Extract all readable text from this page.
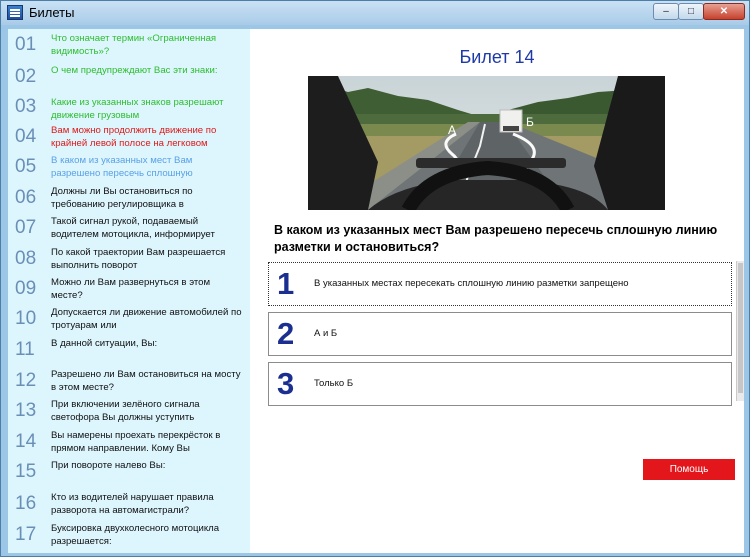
Билеты	‒	□	✕
01 Что означает термин «Ограниченная видимость»?
02 О чем предупреждают Вас эти знаки:
03 Какие из указанных знаков разрешают движение грузовым
04 Вам можно продолжить движение по крайней левой полосе на легковом
05 В каком из указанных мест Вам разрешено пересечь сплошную
06 Должны ли Вы остановиться по требованию регулировщика в
07 Такой сигнал рукой, подаваемый водителем мотоцикла, информирует
08 По какой траектории Вам разрешается выполнить поворот
09 Можно ли Вам развернуться в этом месте?
10 Допускается ли движение автомобилей по тротуарам или
11 В данной ситуации, Вы:
12 Разрешено ли Вам остановиться на мосту в этом месте?
13 При включении зелёного сигнала светофора Вы должны уступить
14 Вы намерены проехать перекрёсток в прямом направлении. Кому Вы
15 При повороте налево Вы:
16 Кто из водителей нарушает правила разворота на автомагистрали?
17 Буксировка двухколесного мотоцикла разрешается:
Билет 14
А
Б
В каком из указанных мест Вам разрешено пересечь сплошную линию разметки и остановиться?
1 В указанных местах пересекать сплошную линию разметки запрещено
2 А и Б
3 Только Б
Помощь
